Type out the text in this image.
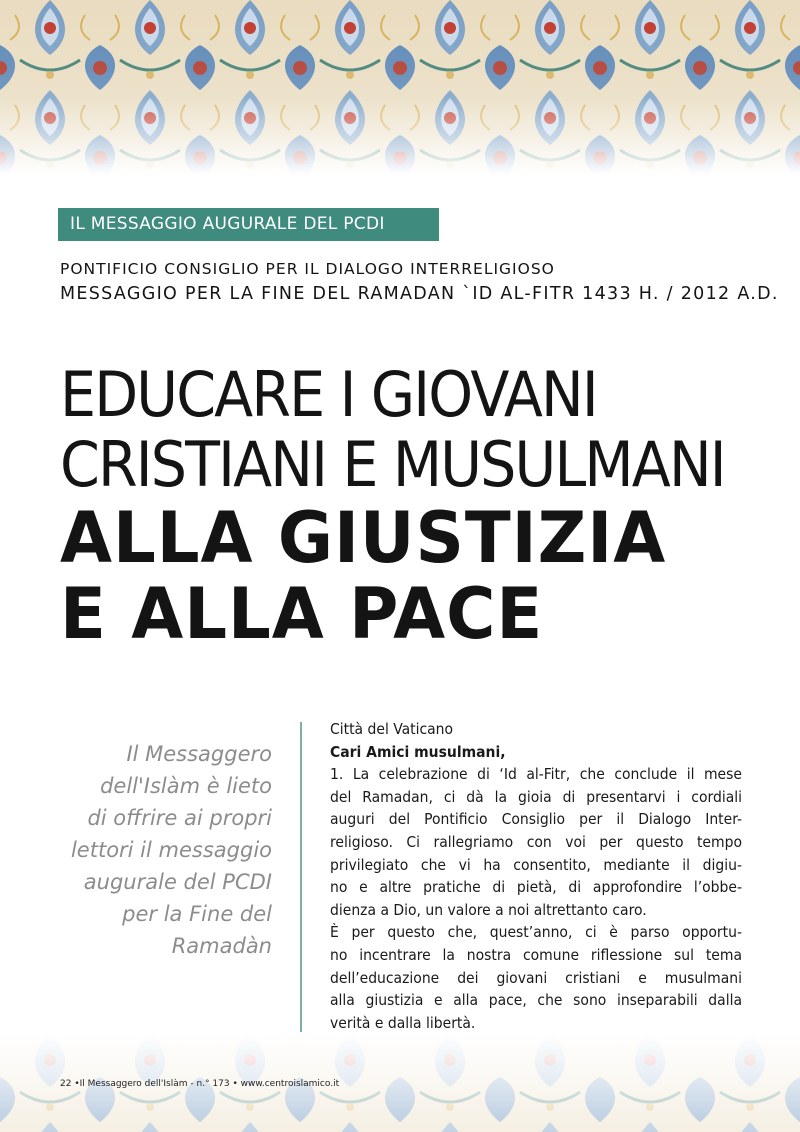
IL MESSAGGIO AUGURALE DEL PCDI
PONTIFICIO CONSIGLIO PER IL DIALOGO INTERRELIGIOSO
MESSAGGIO PER LA FINE DEL RAMADAN `ID AL-FITR 1433 H. / 2012 A.D.
EDUCARE I GIOVANI
CRISTIANI E MUSULMANI
ALLA GIUSTIZIA
E ALLA PACE
Il Messaggero
dell'Islàm è lieto
di offrire ai propri
lettori il messaggio
augurale del PCDI
per la Fine del
Ramadàn
Città del Vaticano
Cari Amici musulmani,
1. La celebrazione di ‘Id al-Fitr, che conclude il mese
del Ramadan, ci dà la gioia di presentarvi i cordiali
auguri del Pontificio Consiglio per il Dialogo Inter-
religioso. Ci rallegriamo con voi per questo tempo
privilegiato che vi ha consentito, mediante il digiu-
no e altre pratiche di pietà, di approfondire l’obbe-
dienza a Dio, un valore a noi altrettanto caro.
È per questo che, quest’anno, ci è parso opportu-
no incentrare la nostra comune riflessione sul tema
dell’educazione dei giovani cristiani e musulmani
alla giustizia e alla pace, che sono inseparabili dalla
verità e dalla libertà.
22 •Il Messaggero dell'Islàm - n.° 173 • www.centroislamico.it
